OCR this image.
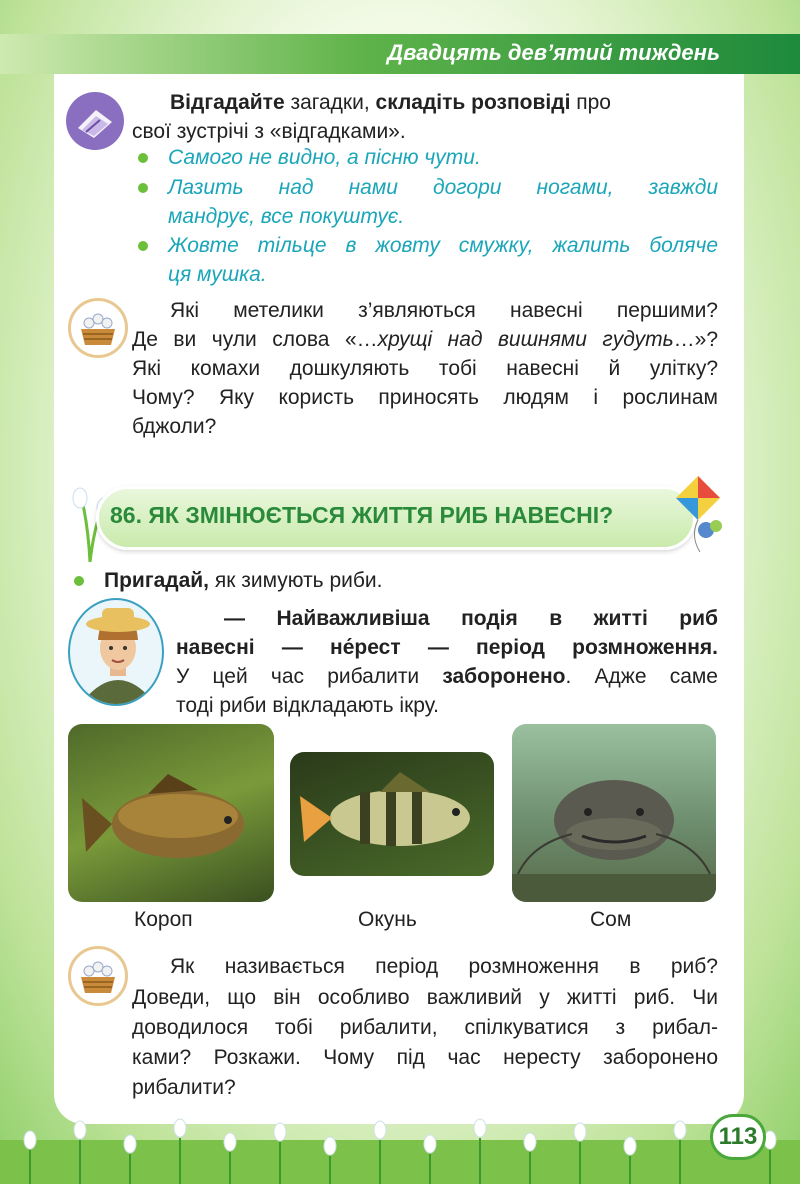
Двадцять дев’ятий тиждень
Відгадайте загадки, складіть розповіді про
свої зустрічі з «відгадками».
Самого не видно, а пісню чути.
Лазить над нами догори ногами, завжди
мандрує, все покуштує.
Жовте тільце в жовту смужку, жалить боляче
ця мушка.
Які метелики з’являються навесні першими?
Де ви чули слова «…хрущі над вишнями гудуть…»?
Які комахи дошкуляють тобі навесні й улітку?
Чому? Яку користь приносять людям і рослинам
бджоли?
86. ЯК ЗМІНЮЄТЬСЯ ЖИТТЯ РИБ НАВЕСНІ?
Пригадай, як зимують риби.
— Найважливіша подія в житті риб
навесні — не́рест — період розмноження.
У цей час рибалити заборонено. Адже саме
тоді риби відкладають ікру.
Короп	Окунь	Сом
Як називається період розмноження в риб?
Доведи, що він особливо важливий у житті риб. Чи
доводилося тобі рибалити, спілкуватися з рибал-
ками? Розкажи. Чому під час нересту заборонено
рибалити?
113
